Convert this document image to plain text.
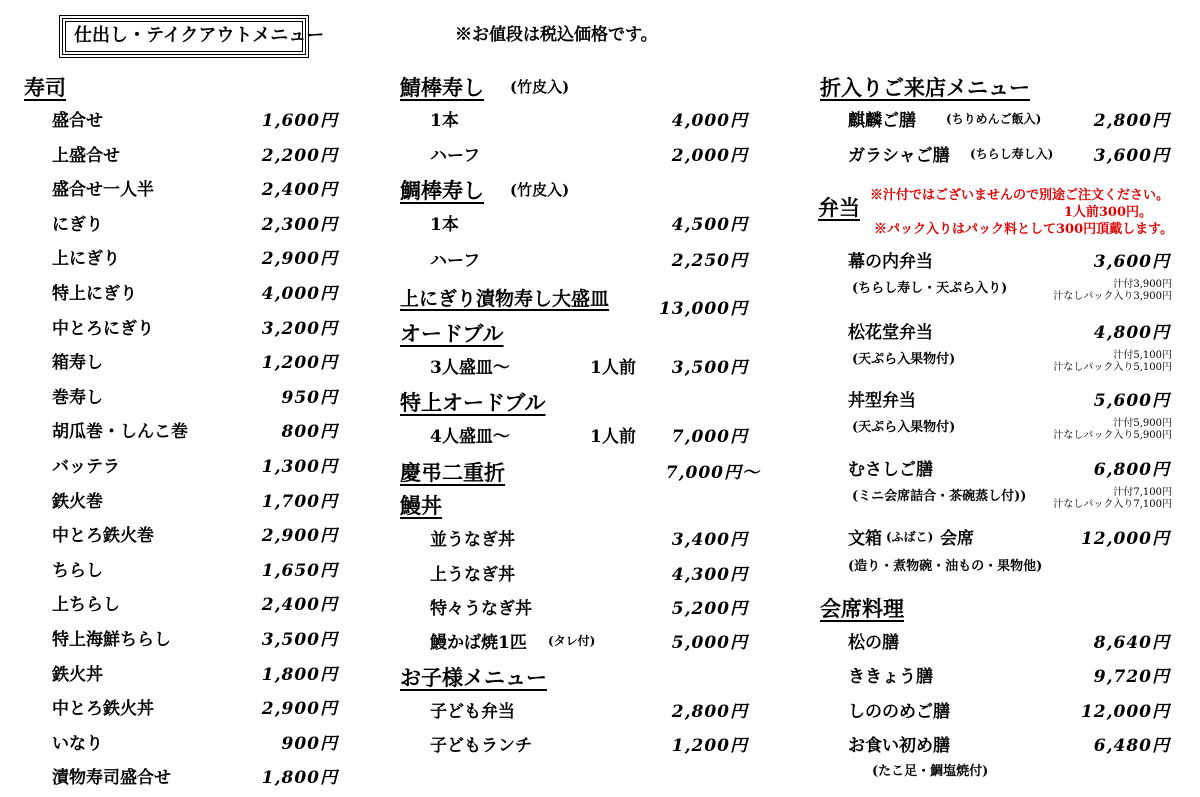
仕出し・テイクアウトメニュー	※お値段は税込価格です。
寿司
盛合せ	1,600円
上盛合せ	2,200円
盛合せ一人半	2,400円
にぎり	2,300円
上にぎり	2,900円
特上にぎり	4,000円
中とろにぎり	3,200円
箱寿し	1,200円
巻寿し	950円
胡瓜巻・しんこ巻	800円
バッテラ	1,300円
鉄火巻	1,700円
中とろ鉄火巻	2,900円
ちらし	1,650円
上ちらし	2,400円
特上海鮮ちらし	3,500円
鉄火丼	1,800円
中とろ鉄火丼	2,900円
いなり	900円
漬物寿司盛合せ	1,800円
鯖棒寿し (竹皮入)
1本	4,000円
ハーフ	2,000円
鯛棒寿し (竹皮入)
1本	4,500円
ハーフ	2,250円
上にぎり漬物寿し大盛皿	13,000円
オードブル
3人盛皿～	1人前 3,500円
特上オードブル
4人盛皿～	1人前 7,000円
慶弔二重折	7,000円～
鰻丼
並うなぎ丼	3,400円
上うなぎ丼	4,300円
特々うなぎ丼	5,200円
鰻かば焼1匹 (タレ付)	5,000円
お子様メニュー
子ども弁当	2,800円
子どもランチ	1,200円
折入りご来店メニュー
麒麟ご膳	(ちりめんご飯入)	2,800円
ガラシャご膳 (ちらし寿し入) 3,600円
弁当 ※汁付ではございませんので別途ご注文ください。
1人前300円。
※パック入りはパック料として300円頂戴します。
幕の内弁当	3,600円
(ちらし寿し・天ぷら入り)	汁付3,900円
汁なしパック入り3,900円
松花堂弁当	4,800円
(天ぷら入果物付)	汁付5,100円
汁なしパック入り5,100円
丼型弁当	5,600円
(天ぷら入果物付)	汁付5,900円
汁なしパック入り5,900円
むさしご膳	6,800円
(ミニ会席詰合・茶碗蒸し付))	汁付7,100円
汁なしパック入り7,100円
文箱 (ふばこ) 会席	12,000円
(造り・煮物碗・油もの・果物他)
会席料理
松の膳	8,640円
ききょう膳	9,720円
しののめご膳	12,000円
お食い初め膳	6,480円
(たこ足・鯛塩焼付)
